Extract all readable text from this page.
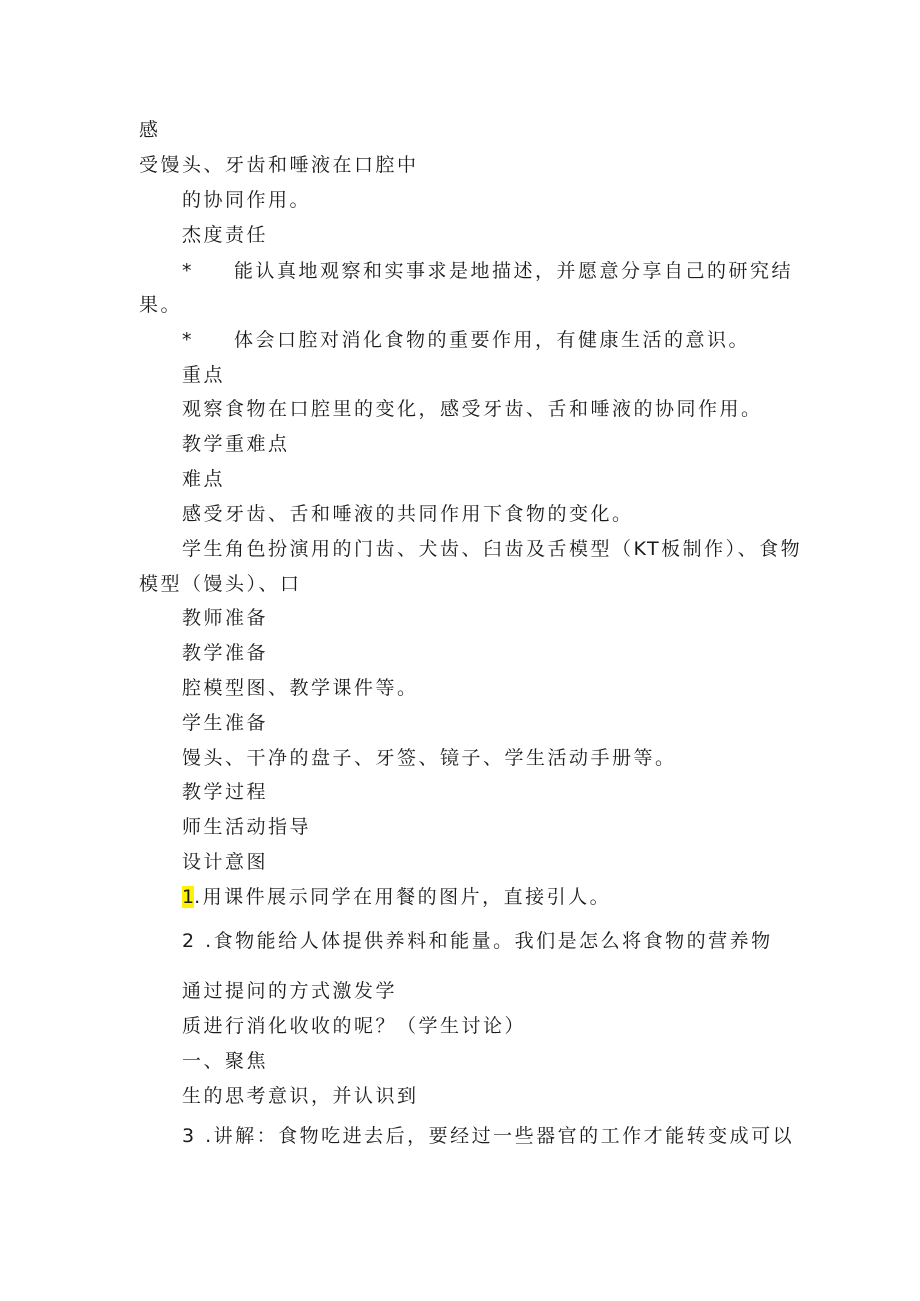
感
受馒头、牙齿和唾液在口腔中
的协同作用。
杰度责任
* 能认真地观察和实事求是地描述，并愿意分享自己的研究结
果。
* 体会口腔对消化食物的重要作用，有健康生活的意识。
重点
观察食物在口腔里的变化，感受牙齿、舌和唾液的协同作用。
教学重难点
难点
感受牙齿、舌和唾液的共同作用下食物的变化。
学生角色扮演用的门齿、犬齿、臼齿及舌模型（KT板制作）、食物
模型（馒头）、口
教师准备
教学准备
腔模型图、教学课件等。
学生准备
馒头、干净的盘子、牙签、镜子、学生活动手册等。
教学过程
师生活动指导
设计意图
1.用课件展示同学在用餐的图片，直接引人。
2 .食物能给人体提供养料和能量。我们是怎么将食物的营养物
通过提问的方式激发学
质进行消化收收的呢？（学生讨论）
一、聚焦
生的思考意识，并认识到
3 .讲解：食物吃进去后，要经过一些器官的工作才能转变成可以
